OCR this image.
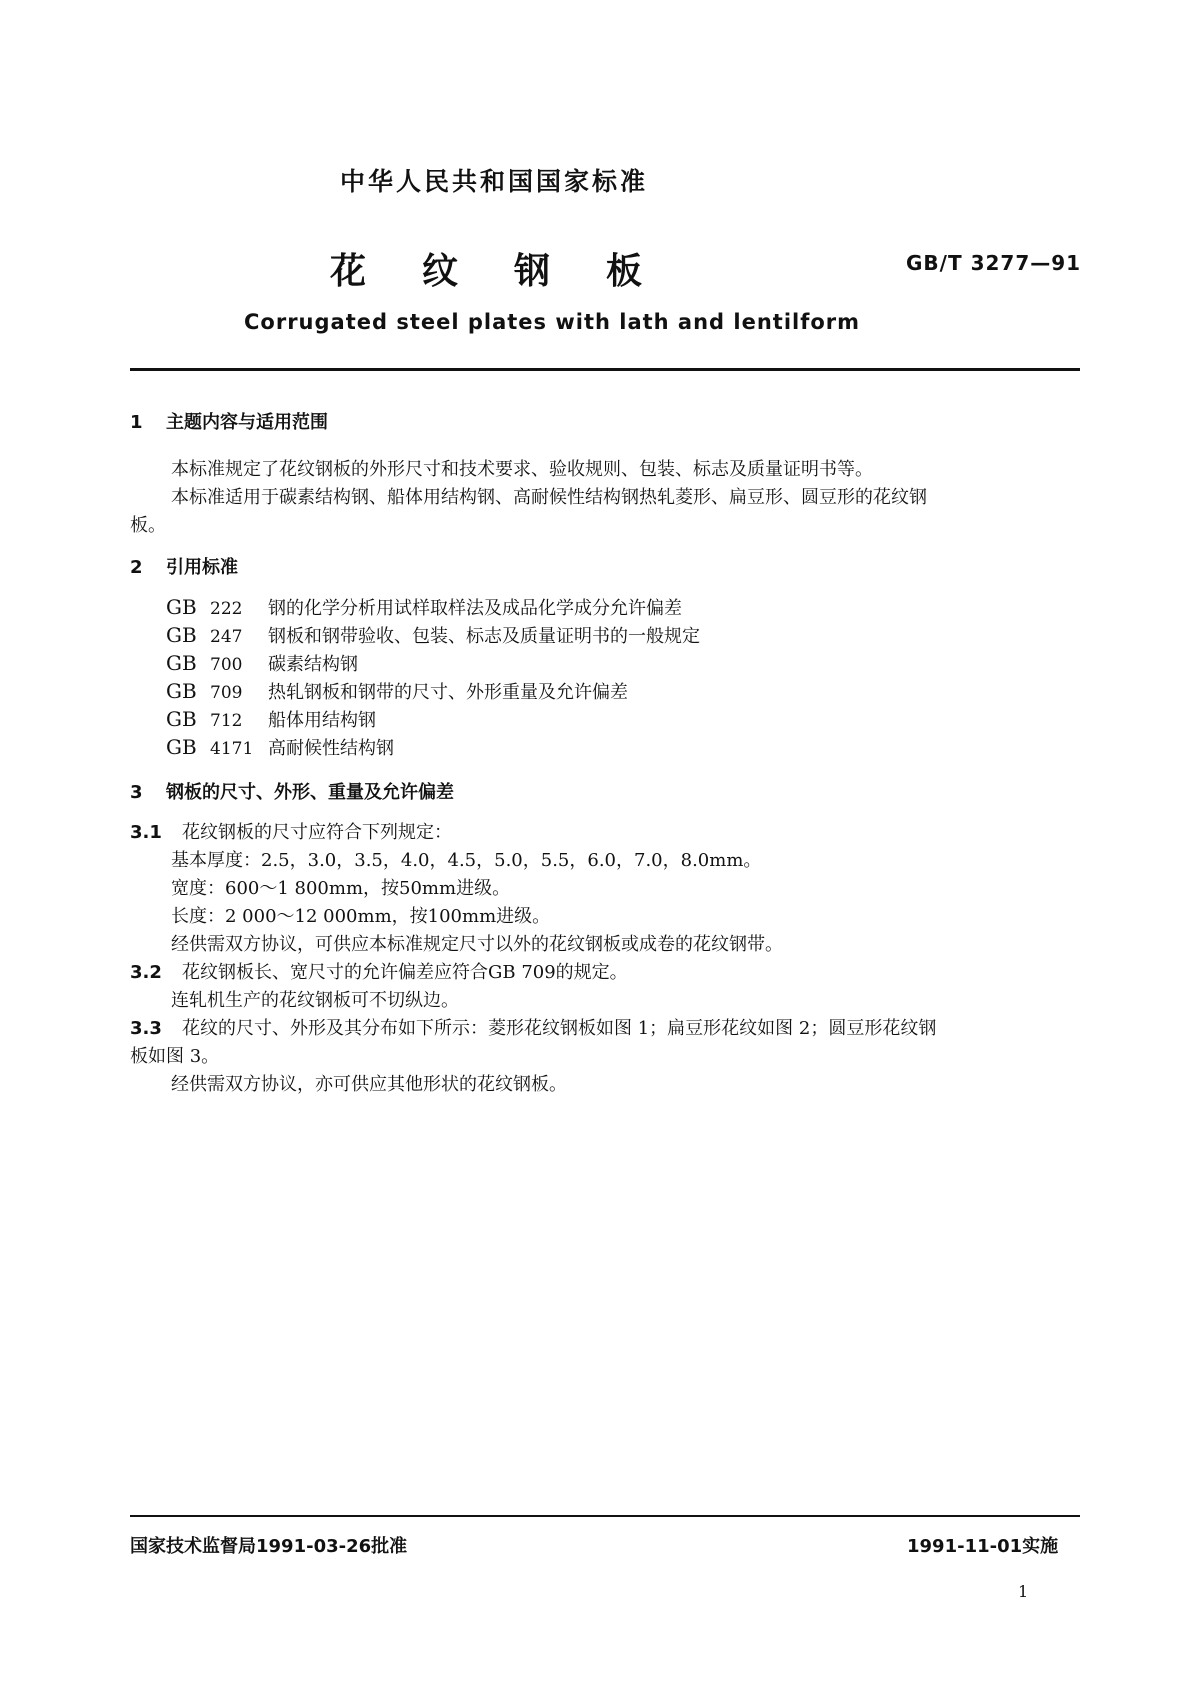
中华人民共和国国家标准
花纹钢板	GB/T 3277—91
Corrugated steel plates with lath and lentilform
1 主题内容与适用范围
本标准规定了花纹钢板的外形尺寸和技术要求、验收规则、包装、标志及质量证明书等。
本标准适用于碳素结构钢、船体用结构钢、高耐候性结构钢热轧菱形、扁豆形、圆豆形的花纹钢
板。
2 引用标准
GB 222 钢的化学分析用试样取样法及成品化学成分允许偏差
GB 247 钢板和钢带验收、包装、标志及质量证明书的一般规定
GB 700 碳素结构钢
GB 709 热轧钢板和钢带的尺寸、外形重量及允许偏差
GB 712 船体用结构钢
GB 4171 高耐候性结构钢
3 钢板的尺寸、外形、重量及允许偏差
3.1 花纹钢板的尺寸应符合下列规定：
基本厚度：2.5，3.0，3.5，4.0，4.5，5.0，5.5，6.0，7.0，8.0mm。
宽度：600～1 800mm，按50mm进级。
长度：2 000～12 000mm，按100mm进级。
经供需双方协议，可供应本标准规定尺寸以外的花纹钢板或成卷的花纹钢带。
3.2 花纹钢板长、宽尺寸的允许偏差应符合GB 709的规定。
连轧机生产的花纹钢板可不切纵边。
3.3 花纹的尺寸、外形及其分布如下所示：菱形花纹钢板如图 1；扁豆形花纹如图 2；圆豆形花纹钢
板如图 3。
经供需双方协议，亦可供应其他形状的花纹钢板。
国家技术监督局1991-03-26批准	1991-11-01实施
1
